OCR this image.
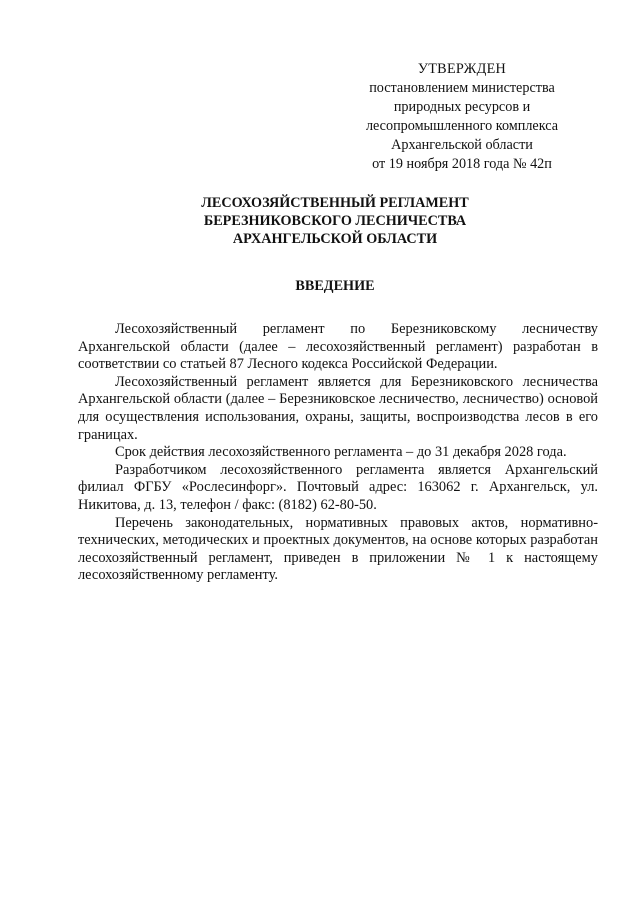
УТВЕРЖДЕН
постановлением министерства
природных ресурсов и
лесопромышленного комплекса
Архангельской области
от 19 ноября 2018 года № 42п
ЛЕСОХОЗЯЙСТВЕННЫЙ РЕГЛАМЕНТ
БЕРЕЗНИКОВСКОГО ЛЕСНИЧЕСТВА
АРХАНГЕЛЬСКОЙ ОБЛАСТИ
ВВЕДЕНИЕ

Лесохозяйственный регламент по Березниковскому лесничеству Архангельской области (далее – лесохозяйственный регламент) разработан в соответствии со статьей 87 Лесного кодекса Российской Федерации.

Лесохозяйственный регламент является для Березниковского лесничества Архангельской области (далее – Березниковское лесничество, лесничество) основой для осуществления использования, охраны, защиты, воспроизводства лесов в его границах.

Срок действия лесохозяйственного регламента – до 31 декабря 2028 года.

Разработчиком лесохозяйственного регламента является Архангельский филиал ФГБУ «Рослесинфорг». Почтовый адрес: 163062 г. Архангельск, ул. Никитова, д. 13, телефон / факс: (8182) 62-80-50.

Перечень законодательных, нормативных правовых актов, нормативно-технических, методических и проектных документов, на основе которых разработан лесохозяйственный регламент, приведен в приложении № 1 к настоящему лесохозяйственному регламенту.
